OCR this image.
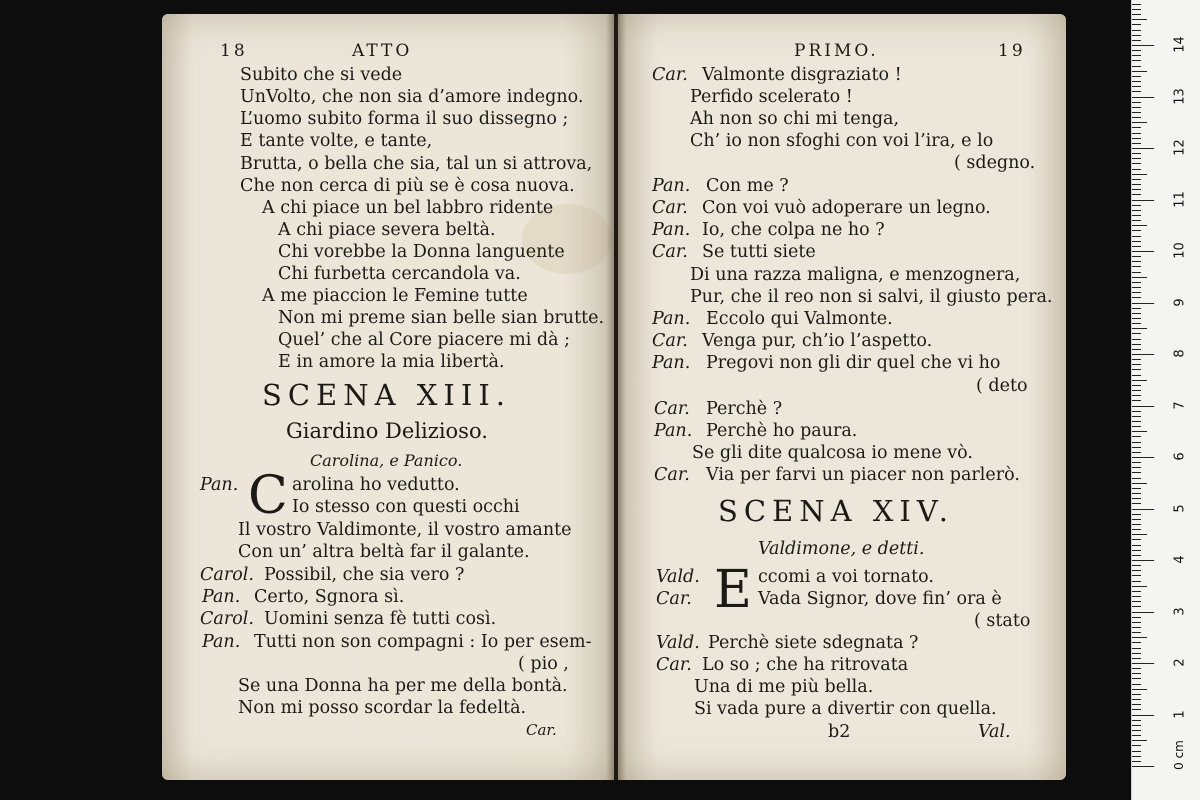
18	ATTO
Subito che si vede
UnVolto, che non sia d’amore indegno.
L’uomo subito forma il suo dissegno ;
E tante volte, e tante,
Brutta, o bella che sia, tal un si attrova,
Che non cerca di più se è cosa nuova.
A chi piace un bel labbro ridente
A chi piace severa beltà.
Chi vorebbe la Donna languente
Chi furbetta cercandola va.
A me piaccion le Femine tutte
Non mi preme sian belle sian brutte.
Quel’ che al Core piacere mi dà ;
E in amore la mia libertà.
SCENA XIII.
Giardino Delizioso.
Carolina, e Panico.
Pan. C arolina ho vedutto.
Io stesso con questi occhi
Il vostro Valdimonte, il vostro amante
Con un’ altra beltà far il galante.
Carol. Possibil, che sia vero ?
Pan. Certo, Sgnora sì.
Carol. Uomini senza fè tutti così.
Pan. Tutti non son compagni : Io per esem-
( pio ,
Se una Donna ha per me della bontà.
Non mi posso scordar la fedeltà.
Car.
PRIMO.	19
Car. Valmonte disgraziato !
Perfido scelerato !
Ah non so chi mi tenga,
Ch’ io non sfoghi con voi l’ira, e lo
( sdegno.
Pan. Con me ?
Car. Con voi vuò adoperare un legno.
Pan. Io, che colpa ne ho ?
Car. Se tutti siete
Di una razza maligna, e menzognera,
Pur, che il reo non si salvi, il giusto pera.
Pan. Eccolo qui Valmonte.
Car. Venga pur, ch’io l’aspetto.
Pan. Pregovi non gli dir quel che vi ho
( deto
Car. Perchè ?
Pan. Perchè ho paura.
Se gli dite qualcosa io mene vò.
Car. Via per farvi un piacer non parlerò.
SCENA XIV.
Valdimone, e detti.
Vald. E ccomi a voi tornato.
Car.	Vada Signor, dove fin’ ora è
( stato
Vald. Perchè siete sdegnata ?
Car. Lo so ; che ha ritrovata
Una di me più bella.
Si vada pure a divertir con quella.
b2	Val.
0 cm
1
2
3
4
5
6
7
8
9
10
11
12
13
14
